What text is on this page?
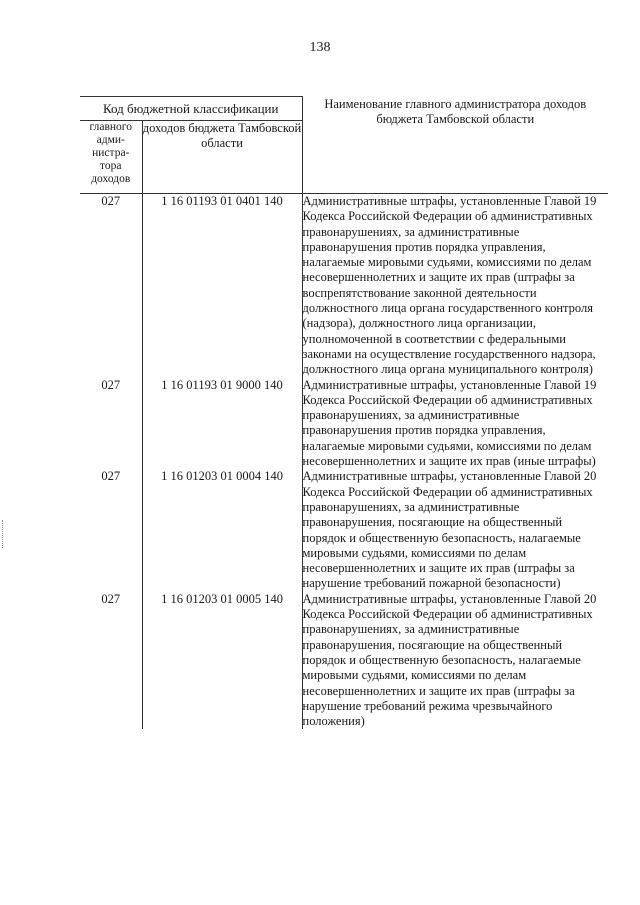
138
Код бюджетной классификации		Наименование главного администратора доходов бюджета Тамбовской области
главного
адми-
нистра-
тора
доходов	доходов бюджета Тамбовской области	
027	1 16 01193 01 0401 140	Административные штрафы, установленные Главой 19 Кодекса Российской Федерации об административных правонарушениях, за административные правонарушения против порядка управления, налагаемые мировыми судьями, комиссиями по делам несовершеннолетних и защите их прав (штрафы за воспрепятствование законной деятельности должностного лица органа государственного контроля (надзора), должностного лица организации, уполномоченной в соответствии с федеральными законами на осуществление государственного надзора, должностного лица органа муниципального контроля)
027	1 16 01193 01 9000 140	Административные штрафы, установленные Главой 19 Кодекса Российской Федерации об административных правонарушениях, за административные правонарушения против порядка управления, налагаемые мировыми судьями, комиссиями по делам несовершеннолетних и защите их прав (иные штрафы)
027	1 16 01203 01 0004 140	Административные штрафы, установленные Главой 20 Кодекса Российской Федерации об административных правонарушениях, за административные правонарушения, посягающие на общественный порядок и общественную безопасность, налагаемые мировыми судьями, комиссиями по делам несовершеннолетних и защите их прав (штрафы за нарушение требований пожарной безопасности)
027	1 16 01203 01 0005 140	Административные штрафы, установленные Главой 20 Кодекса Российской Федерации об административных правонарушениях, за административные правонарушения, посягающие на общественный порядок и общественную безопасность, налагаемые мировыми судьями, комиссиями по делам несовершеннолетних и защите их прав (штрафы за нарушение требований режима чрезвычайного положения)
